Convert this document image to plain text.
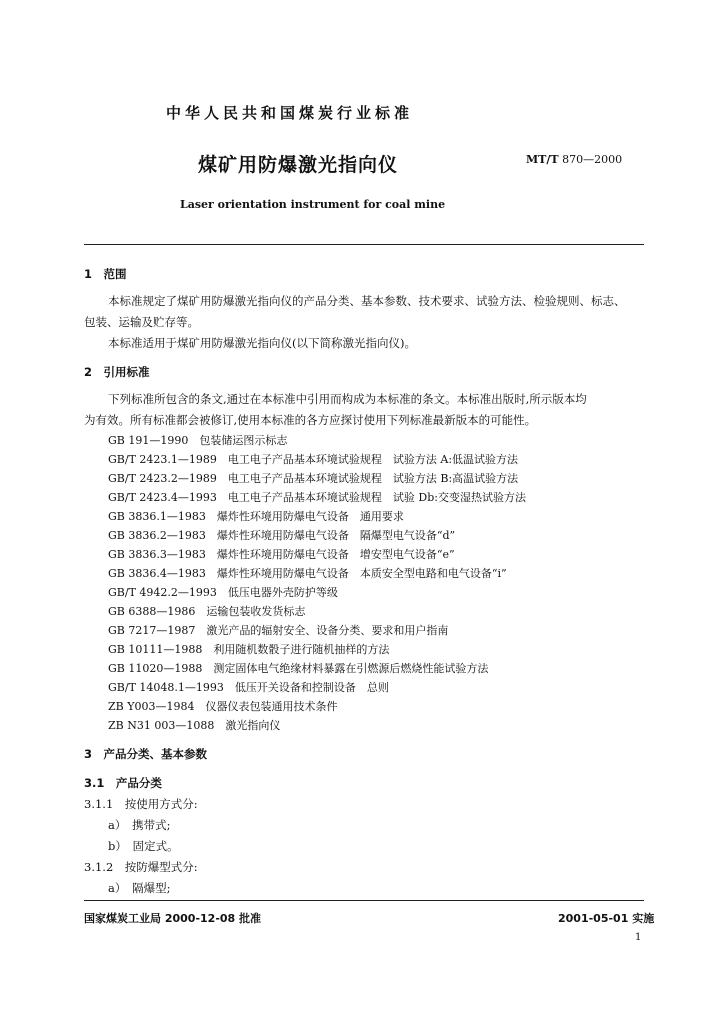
中华人民共和国煤炭行业标准
煤矿用防爆激光指向仪	MT/T 870—2000
Laser orientation instrument for coal mine
1　范围
本标准规定了煤矿用防爆激光指向仪的产品分类、基本参数、技术要求、试验方法、检验规则、标志、
包装、运输及贮存等。
本标准适用于煤矿用防爆激光指向仪(以下简称激光指向仪)。
2　引用标准
下列标准所包含的条文,通过在本标准中引用而构成为本标准的条文。本标准出版时,所示版本均
为有效。所有标准都会被修订,使用本标准的各方应探讨使用下列标准最新版本的可能性。
GB 191—1990　包装储运图示标志
GB/T 2423.1—1989　电工电子产品基本环境试验规程　试验方法 A:低温试验方法
GB/T 2423.2—1989　电工电子产品基本环境试验规程　试验方法 B:高温试验方法
GB/T 2423.4—1993　电工电子产品基本环境试验规程　试验 Db:交变湿热试验方法
GB 3836.1—1983　爆炸性环境用防爆电气设备　通用要求
GB 3836.2—1983　爆炸性环境用防爆电气设备　隔爆型电气设备“d”
GB 3836.3—1983　爆炸性环境用防爆电气设备　增安型电气设备“e”
GB 3836.4—1983　爆炸性环境用防爆电气设备　本质安全型电路和电气设备“i”
GB/T 4942.2—1993　低压电器外壳防护等级
GB 6388—1986　运输包装收发货标志
GB 7217—1987　激光产品的辐射安全、设备分类、要求和用户指南
GB 10111—1988　利用随机数骰子进行随机抽样的方法
GB 11020—1988　测定固体电气绝缘材料暴露在引燃源后燃烧性能试验方法
GB/T 14048.1—1993　低压开关设备和控制设备　总则
ZB Y003—1984　仪器仪表包装通用技术条件
ZB N31 003—1088　激光指向仪
3　产品分类、基本参数
3.1　产品分类
3.1.1　按使用方式分:
a）　携带式;
b）　固定式。
3.1.2　按防爆型式分:
a）　隔爆型;
国家煤炭工业局 2000-12-08 批准	2001-05-01 实施
1
